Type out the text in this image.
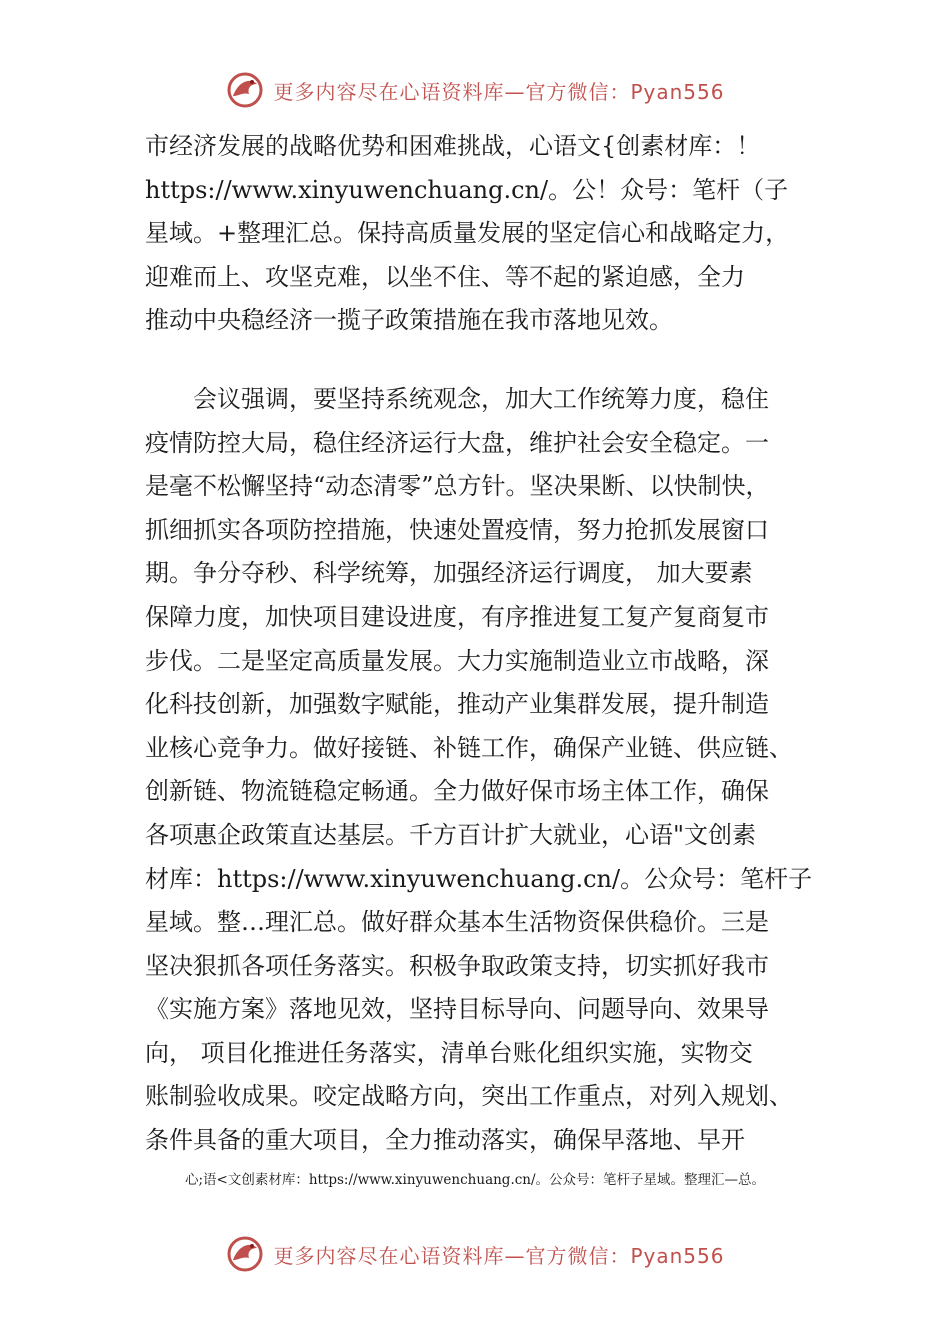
更多内容尽在心语资料库—官方微信：Pyan556
市经济发展的战略优势和困难挑战，心语文{创素材库：！
https://www.xinyuwenchuang.cn/。公！众号：笔杆（子
星域。+整理汇总。保持高质量发展的坚定信心和战略定力，
迎难而上、攻坚克难，以坐不住、等不起的紧迫感，全力
推动中央稳经济一揽子政策措施在我市落地见效。
会议强调，要坚持系统观念，加大工作统筹力度，稳住
疫情防控大局，稳住经济运行大盘，维护社会安全稳定。一
是毫不松懈坚持“动态清零”总方针。坚决果断、以快制快，
抓细抓实各项防控措施，快速处置疫情，努力抢抓发展窗口
期。争分夺秒、科学统筹，加强经济运行调度， 加大要素
保障力度，加快项目建设进度，有序推进复工复产复商复市
步伐。二是坚定高质量发展。大力实施制造业立市战略，深
化科技创新，加强数字赋能，推动产业集群发展，提升制造
业核心竞争力。做好接链、补链工作，确保产业链、供应链、
创新链、物流链稳定畅通。全力做好保市场主体工作，确保
各项惠企政策直达基层。千方百计扩大就业，心语"文创素
材库：https://www.xinyuwenchuang.cn/。公众号：笔杆子
星域。整…理汇总。做好群众基本生活物资保供稳价。三是
坚决狠抓各项任务落实。积极争取政策支持，切实抓好我市
《实施方案》落地见效，坚持目标导向、问题导向、效果导
向， 项目化推进任务落实，清单台账化组织实施，实物交
账制验收成果。咬定战略方向，突出工作重点，对列入规划、
条件具备的重大项目，全力推动落实，确保早落地、早开
心;语<文创素材库：https://www.xinyuwenchuang.cn/。公众号：笔杆子星域。整理汇—总。
更多内容尽在心语资料库—官方微信：Pyan556
